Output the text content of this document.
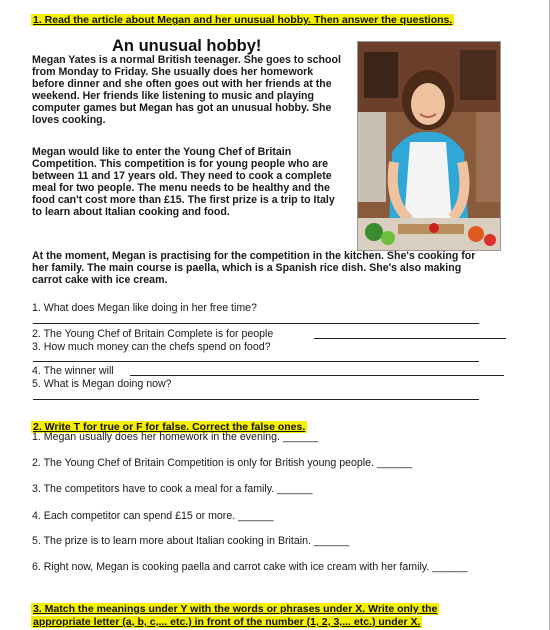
1. Read the article about Megan and her unusual hobby. Then answer the questions.
An unusual hobby!
Megan Yates is a normal British teenager. She goes to school from Monday to Friday. She usually does her homework before dinner and she often goes out with her friends at the weekend. Her friends like listening to music and playing computer games but Megan has got an unusual hobby. She loves cooking.
Megan would like to enter the Young Chef of Britain Competition. This competition is for young people who are between 11 and 17 years old. They need to cook a complete meal for two people. The menu needs to be healthy and the food can't cost more than £15. The first prize is a trip to Italy to learn about Italian cooking and food.
At the moment, Megan is practising for the competition in the kitchen. She's cooking for her family. The main course is paella, which is a Spanish rice dish. She's also making carrot cake with ice cream.
1. What does Megan like doing in her free time?
2. The Young Chef of Britain Complete is for people
3. How much money can the chefs spend on food?
4. The winner will
5. What is Megan doing now?
2. Write T for true or F for false. Correct the false ones.
1. Megan usually does her homework in the evening. ______
2. The Young Chef of Britain Competition is only for British young people. ______
3. The competitors have to cook a meal for a family. ______
4. Each competitor can spend £15 or more. ______
5. The prize is to learn more about Italian cooking in Britain. ______
6. Right now, Megan is cooking paella and carrot cake with ice cream with her family. ______
3. Match the meanings under Y with the words or phrases under X. Write only the
appropriate letter (a, b, c,... etc.) in front of the number (1, 2, 3,... etc.) under X.
